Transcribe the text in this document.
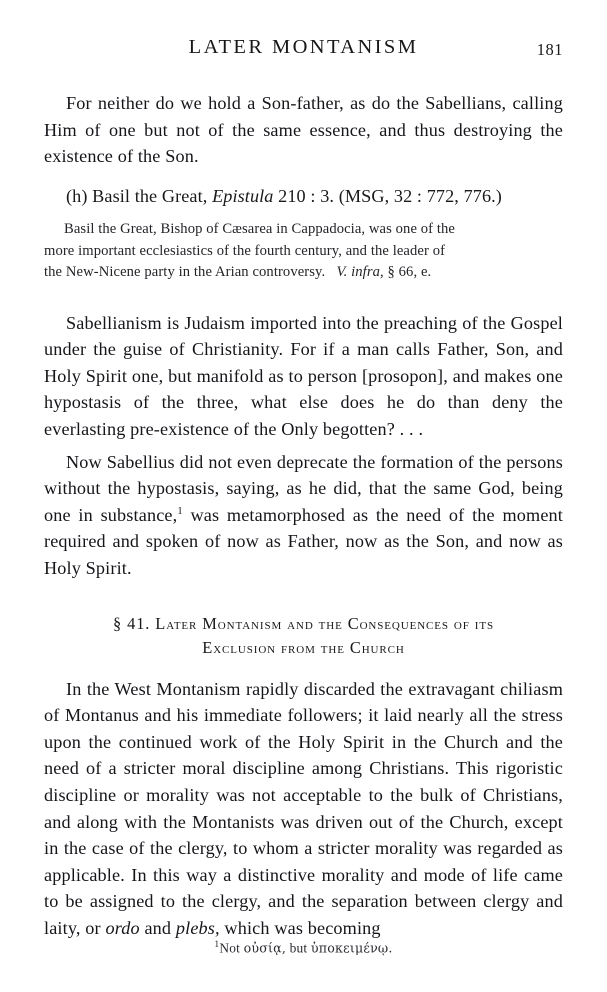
LATER MONTANISM	181

For neither do we hold a Son-father, as do the Sabellians, calling Him of one but not of the same essence, and thus destroying the existence of the Son.

(h) Basil the Great, Epistula 210 : 3. (MSG, 32 : 772, 776.)

Basil the Great, Bishop of Cæsarea in Cappadocia, was one of the

more important ecclesiastics of the fourth century, and the leader of

the New-Nicene party in the Arian controversy. V. infra, § 66, e.

Sabellianism is Judaism imported into the preaching of the Gospel under the guise of Christianity. For if a man calls Father, Son, and Holy Spirit one, but manifold as to person [prosopon], and makes one hypostasis of the three, what else does he do than deny the everlasting pre-existence of the Only begotten? . . .

Now Sabellius did not even deprecate the formation of the persons without the hypostasis, saying, as he did, that the same God, being one in substance,$^1$ was metamorphosed as the need of the moment required and spoken of now as Father, now as the Son, and now as Holy Spirit.

§ 41. Later Montanism and the Consequences of its
Exclusion from the Church

In the West Montanism rapidly discarded the extravagant chiliasm of Montanus and his immediate followers; it laid nearly all the stress upon the continued work of the Holy Spirit in the Church and the need of a stricter moral discipline among Christians. This rigoristic discipline or morality was not acceptable to the bulk of Christians, and along with the Montanists was driven out of the Church, except in the case of the clergy, to whom a stricter morality was regarded as applicable. In this way a distinctive morality and mode of life came to be assigned to the clergy, and the separation between clergy and laity, or ordo and plebs, which was becoming

$^1$Not οὐσίᾳ, but ὑποκειμένῳ.
